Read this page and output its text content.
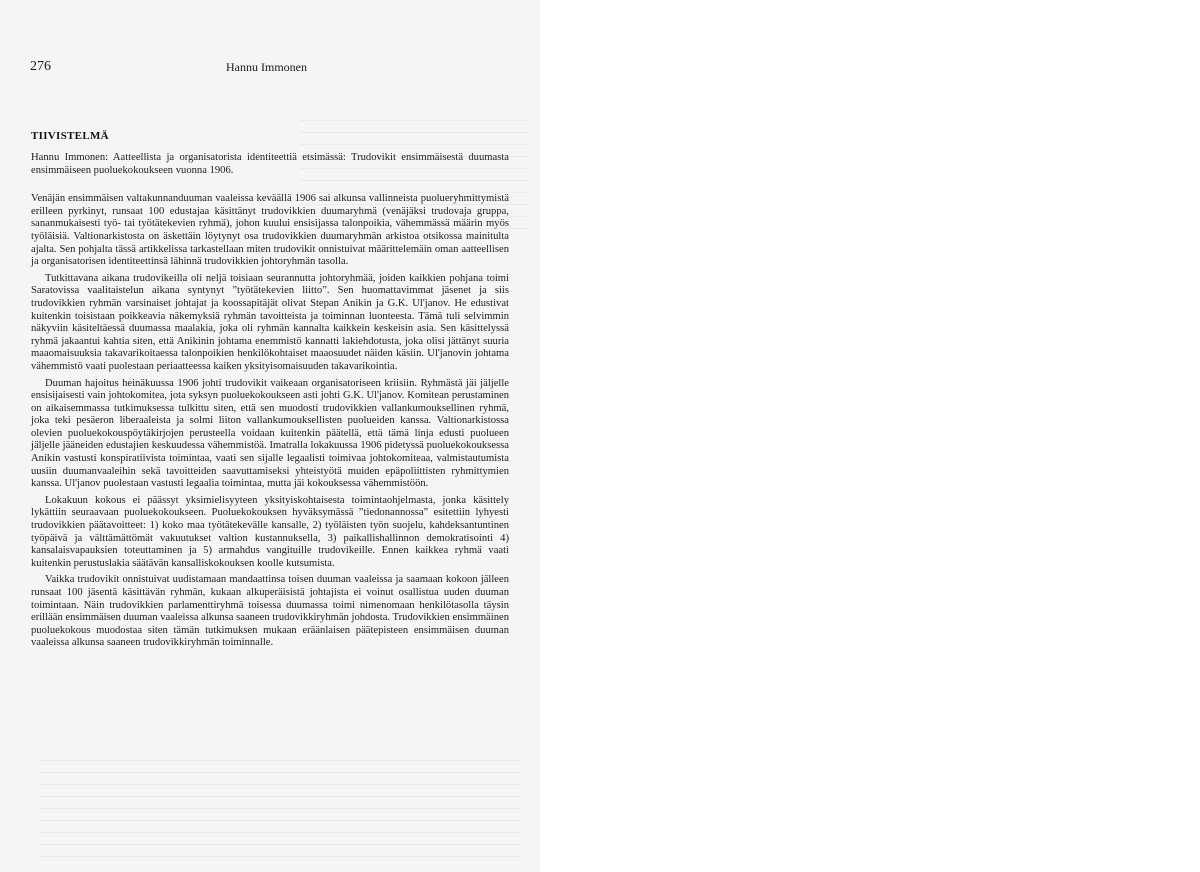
276	Hannu Immonen
TIIVISTELMÄ

Hannu Immonen: Aatteellista ja organisatorista identiteettiä etsimässä: Trudovikit ensimmäisestä duumasta ensimmäiseen puoluekokoukseen vuonna 1906.

Venäjän ensimmäisen valtakunnanduuman vaaleissa keväällä 1906 sai alkunsa vallinneista puolueryhmittymistä erilleen pyrkinyt, runsaat 100 edustajaa käsittänyt trudovikkien duumaryhmä (venäjäksi trudovaja gruppa, sananmukaisesti työ- tai työtätekevien ryhmä), johon kuului ensisijassa talonpoikia, vähemmässä määrin myös työläisiä. Valtionarkistosta on äskettäin löytynyt osa trudovikkien duumaryhmän arkistoa otsikossa mainitulta ajalta. Sen pohjalta tässä artikkelissa tarkastellaan miten trudovikit onnistuivat määrittelemäin oman aatteellisen ja organisatorisen identiteettinsä lähinnä trudovikkien johtoryhmän tasolla.

Tutkittavana aikana trudovikeilla oli neljä toisiaan seurannutta johtoryhmää, joiden kaikkien pohjana toimi Saratovissa vaalitaistelun aikana syntynyt ”työtätekevien liitto”. Sen huomattavimmat jäsenet ja siis trudovikkien ryhmän varsinaiset johtajat ja koossapitäjät olivat Stepan Anikin ja G.K. Ul'janov. He edustivat kuitenkin toisistaan poikkeavia näkemyksiä ryhmän tavoitteista ja toiminnan luonteesta. Tämä tuli selvimmin näkyviin käsiteltäessä duumassa maalakia, joka oli ryhmän kannalta kaikkein keskeisin asia. Sen käsittelyssä ryhmä jakaantui kahtia siten, että Anikinin johtama enemmistö kannatti lakiehdotusta, joka olisi jättänyt suuria maaomaisuuksia takavarikoitaessa talonpoikien henkilökohtaiset maaosuudet näiden käsiin. Ul'janovin johtama vähemmistö vaati puolestaan periaatteessa kaiken yksityisomaisuuden takavarikointia.

Duuman hajoitus heinäkuussa 1906 johti trudovikit vaikeaan organisatoriseen kriisiin. Ryhmästä jäi jäljelle ensisijaisesti vain johtokomitea, jota syksyn puoluekokoukseen asti johti G.K. Ul'janov. Komitean perustaminen on aikaisemmassa tutkimuksessa tulkittu siten, että sen muodosti trudovikkien vallankumouksellinen ryhmä, joka teki pesäeron liberaaleista ja solmi liiton vallankumouksellisten puolueiden kanssa. Valtionarkistossa olevien puoluekokouspöytäkirjojen perusteella voidaan kuitenkin päätellä, että tämä linja edusti puolueen jäljelle jääneiden edustajien keskuudessa vähemmistöä. Imatralla lokakuussa 1906 pidetyssä puoluekokouksessa Anikin vastusti konspiratiivista toimintaa, vaati sen sijalle legaalisti toimivaa johtokomiteaa, valmistautumista uusiin duumanvaaleihin sekä tavoitteiden saavuttamiseksi yhteistyötä muiden epäpoliittisten ryhmittymien kanssa. Ul'janov puolestaan vastusti legaalia toimintaa, mutta jäi kokouksessa vähemmistöön.

Lokakuun kokous ei päässyt yksimielisyyteen yksityiskohtaisesta toimintaohjelmasta, jonka käsittely lykättiin seuraavaan puoluekokoukseen. Puoluekokouksen hyväksymässä ”tiedonannossa” esitettiin lyhyesti trudovikkien päätavoitteet: 1) koko maa työtätekevälle kansalle, 2) työläisten työn suojelu, kahdeksantuntinen työpäivä ja välttämättömät vakuutukset valtion kustannuksella, 3) paikallishallinnon demokratisointi 4) kansalaisvapauksien toteuttaminen ja 5) armahdus vangituille trudovikeille. Ennen kaikkea ryhmä vaati kuitenkin perustuslakia säätävän kansalliskokouksen koolle kutsumista.

Vaikka trudovikit onnistuivat uudistamaan mandaattinsa toisen duuman vaaleissa ja saamaan kokoon jälleen runsaat 100 jäsentä käsittävän ryhmän, kukaan alkuperäisistä johtajista ei voinut osallistua uuden duuman toimintaan. Näin trudovikkien parlamenttiryhmä toisessa duumassa toimi nimenomaan henkilötasolla täysin erillään ensimmäisen duuman vaaleissa alkunsa saaneen trudovikkiryhmän johdosta. Trudovikkien ensimmäinen puoluekokous muodostaa siten tämän tutkimuksen mukaan eräänlaisen päätepisteen ensimmäisen duuman vaaleissa alkunsa saaneen trudovikkiryhmän toiminnalle.
